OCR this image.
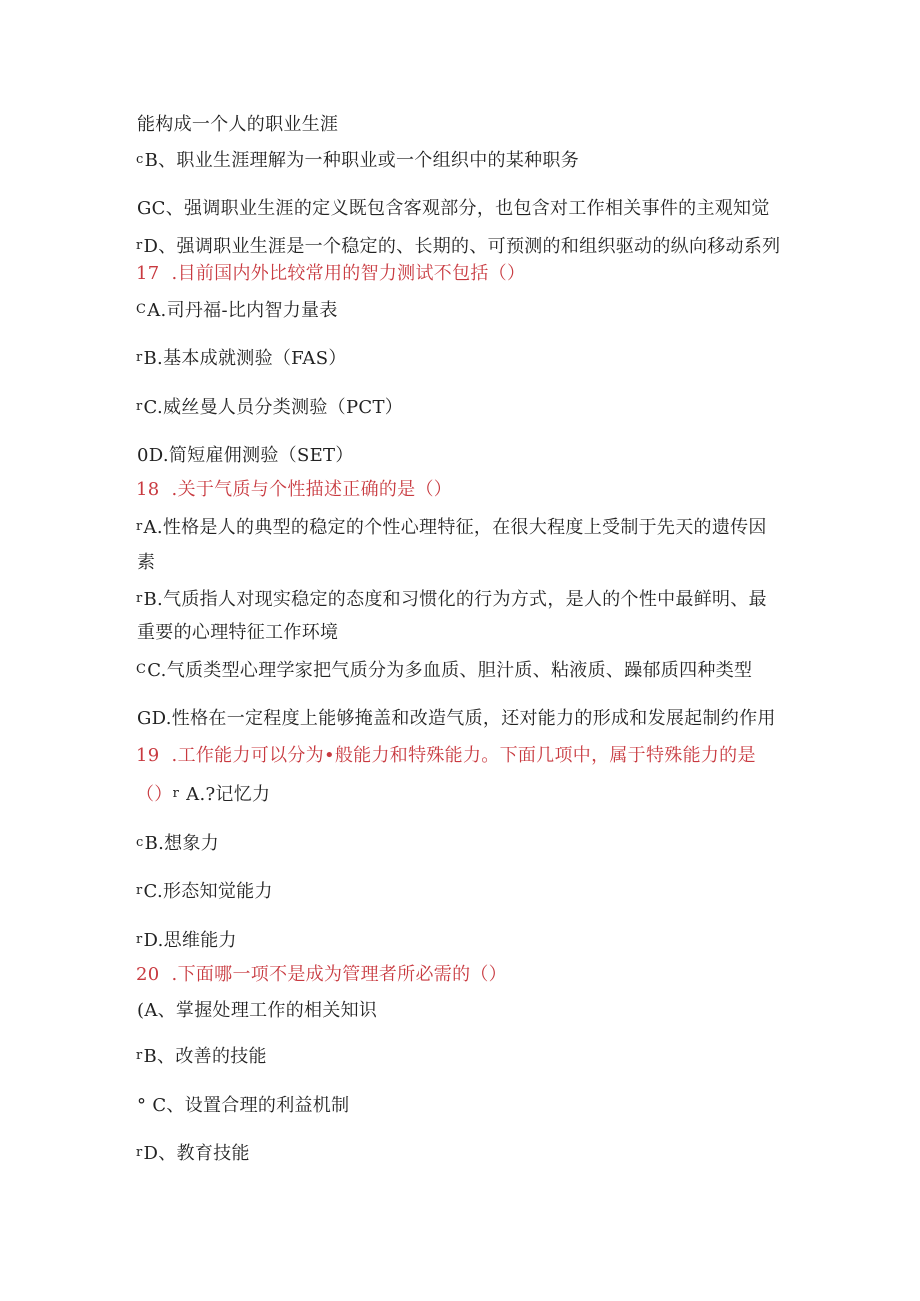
能构成一个人的职业生涯
cB、职业生涯理解为一种职业或一个组织中的某种职务
GC、强调职业生涯的定义既包含客观部分，也包含对工作相关事件的主观知觉
rD、强调职业生涯是一个稳定的、长期的、可预测的和组织驱动的纵向移动系列
17  .目前国内外比较常用的智力测试不包括（）
CA.司丹福-比内智力量表
rB.基本成就测验（FAS）
rC.威丝曼人员分类测验（PCT）
0D.简短雇佣测验（SET）
18  .关于气质与个性描述正确的是（）
rA.性格是人的典型的稳定的个性心理特征，在很大程度上受制于先天的遗传因
素
rB.气质指人对现实稳定的态度和习惯化的行为方式，是人的个性中最鲜明、最
重要的心理特征工作环境
CC.气质类型心理学家把气质分为多血质、胆汁质、粘液质、躁郁质四种类型
GD.性格在一定程度上能够掩盖和改造气质，还对能力的形成和发展起制约作用
19  .工作能力可以分为•般能力和特殊能力。下面几项中，属于特殊能力的是
（）r A.?记忆力
cB.想象力
rC.形态知觉能力
rD.思维能力
20  .下面哪一项不是成为管理者所必需的（）
(A、掌握处理工作的相关知识
rB、改善的技能
° C、设置合理的利益机制
rD、教育技能
